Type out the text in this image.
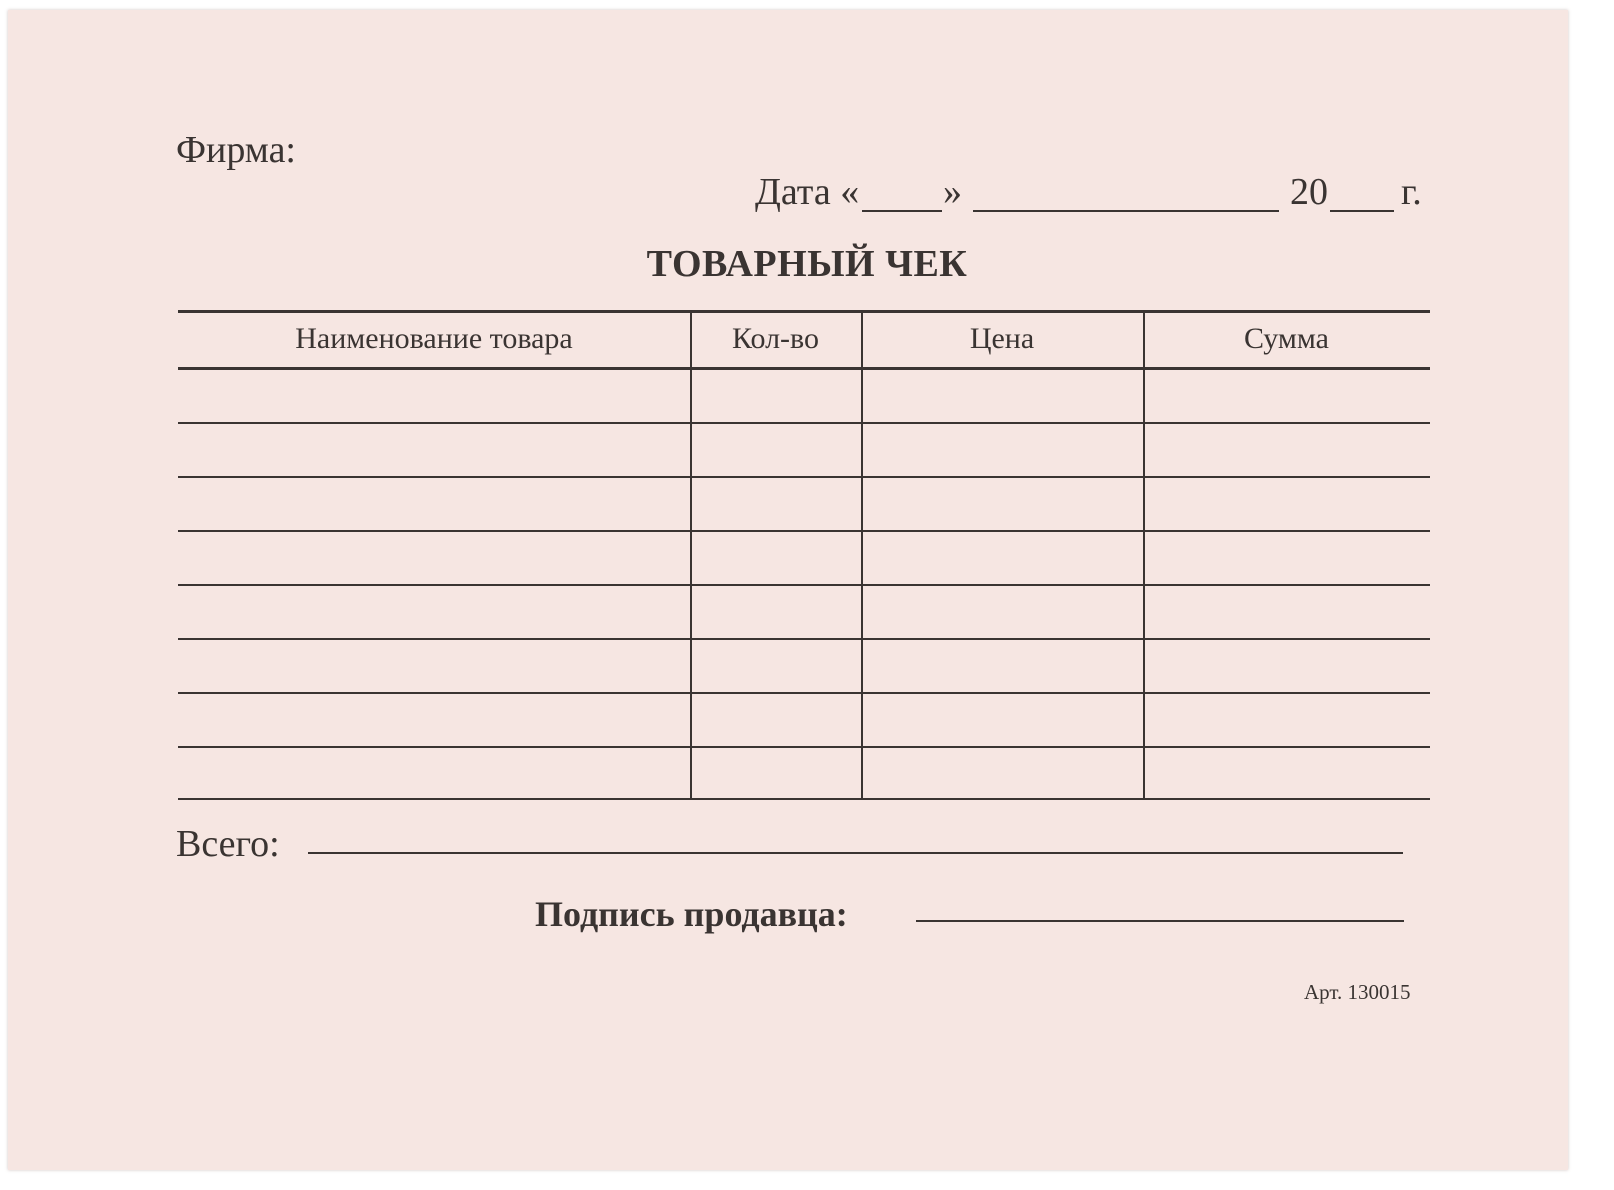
Фирма:
Дата « »	20 г.
ТОВАРНЫЙ ЧЕК
Наименование товара	Кол-во	Цена	Сумма
Всего:
Подпись продавца:
Арт. 130015
